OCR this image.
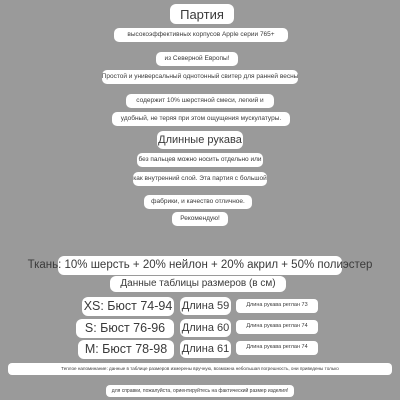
Партия
высокоэффективных корпусов Apple серии 765+
из Северной Европы!
Простой и универсальный однотонный свитер для ранней весны
содержит 10% шерстяной смеси, легкий и
удобный, не теряя при этом ощущения мускулатуры.
Длинные рукава
без пальцев можно носить отдельно или
как внутренний слой. Эта партия с большой
фабрики, и качество отличное.
Рекомендую!
Ткань: 10% шерсть + 20% нейлон + 20% акрил + 50% полиэстер
Данные таблицы размеров (в см)
XS: Бюст 74-94 Длина 59	Длина рукава реглан 73
S: Бюст 76-96	Длина 60	Длина рукава реглан 74
M: Бюст 78-98	Длина 61	Длина рукава реглан 74
Теплое напоминание: данные в таблице размеров измерены вручную, возможна небольшая погрешность, они приведены только
для справки, пожалуйста, ориентируйтесь на фактический размер изделия!
